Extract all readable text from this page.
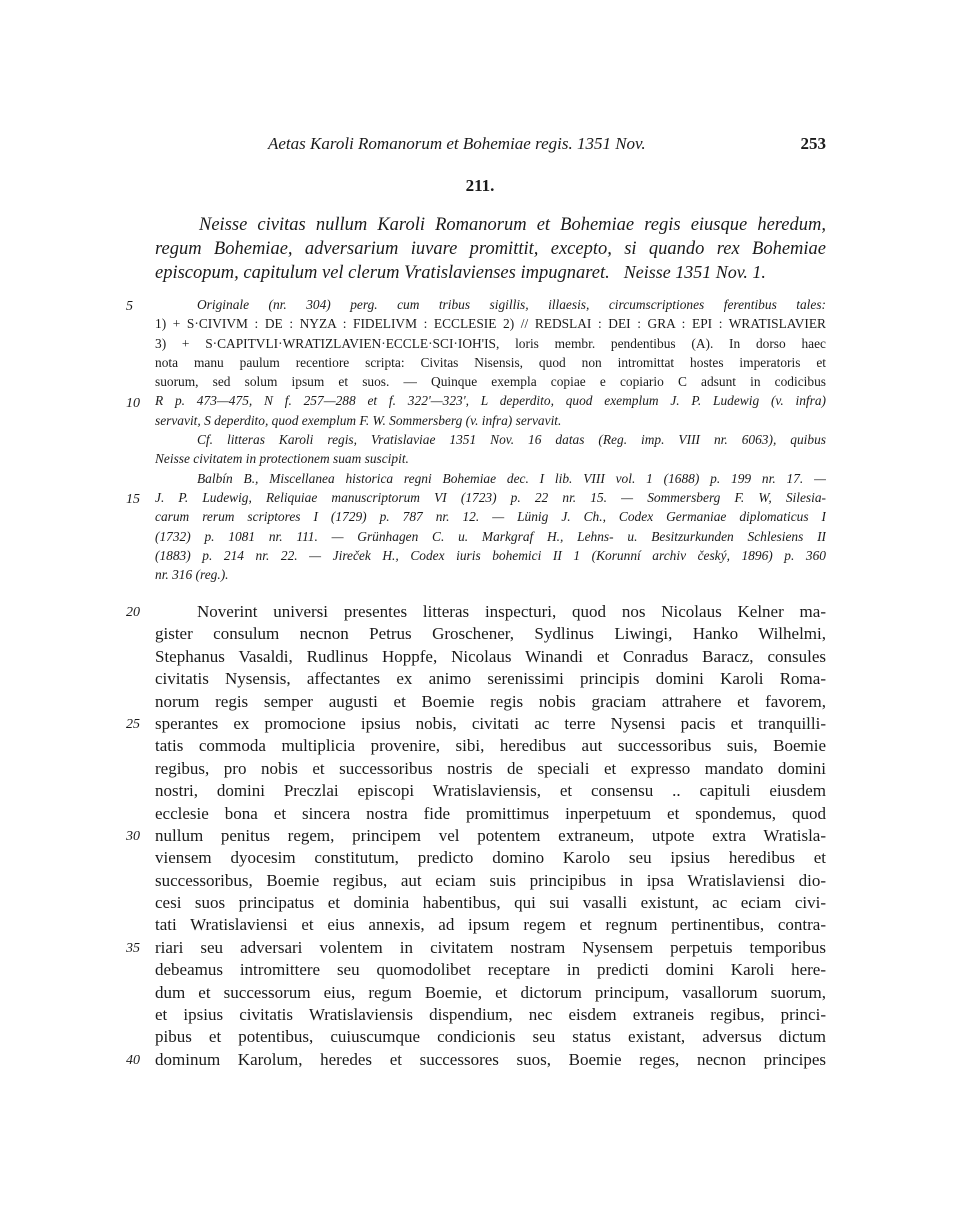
Aetas Karoli Romanorum et Bohemiae regis. 1351 Nov.	253
211.
Neisse civitas nullum Karoli Romanorum et Bohemiae regis eiusque heredum,
regum Bohemiae, adversarium iuvare promittit, excepto, si quando rex Bohemiae
episcopum, capitulum vel clerum Vratislavienses impugnaret. Neisse 1351 Nov. 1.
Originale (nr. 304) perg. cum tribus sigillis, illaesis, circumscriptiones ferentibus tales:
1) + S·CIVIVM : DE : NYZA : FIDELIVM : ECCLESIE 2) // REDSLAI : DEI : GRA : EPI : WRATISLAVIER
3) + S·CAPITVLI·WRATIZLAVIEN·ECCLE·SCI·IOH'IS, loris membr. pendentibus (A). In dorso haec
nota manu paulum recentiore scripta: Civitas Nisensis, quod non intromittat hostes imperatoris et
suorum, sed solum ipsum et suos. — Quinque exempla copiae e copiario C adsunt in codicibus
R p. 473—475, N f. 257—288 et f. 322'—323', L deperdito, quod exemplum J. P. Ludewig (v. infra)
servavit, S deperdito, quod exemplum F. W. Sommersberg (v. infra) servavit.
Cf. litteras Karoli regis, Vratislaviae 1351 Nov. 16 datas (Reg. imp. VIII nr. 6063), quibus
Neisse civitatem in protectionem suam suscipit.
Balbín B., Miscellanea historica regni Bohemiae dec. I lib. VIII vol. 1 (1688) p. 199 nr. 17. —
J. P. Ludewig, Reliquiae manuscriptorum VI (1723) p. 22 nr. 15. — Sommersberg F. W, Silesia-
carum rerum scriptores I (1729) p. 787 nr. 12. — Lünig J. Ch., Codex Germaniae diplomaticus I
(1732) p. 1081 nr. 111. — Grünhagen C. u. Markgraf H., Lehns- u. Besitzurkunden Schlesiens II
(1883) p. 214 nr. 22. — Jireček H., Codex iuris bohemici II 1 (Korunní archiv český, 1896) p. 360
nr. 316 (reg.).
Noverint universi presentes litteras inspecturi, quod nos Nicolaus Kelner ma-
gister consulum necnon Petrus Groschener, Sydlinus Liwingi, Hanko Wilhelmi,
Stephanus Vasaldi, Rudlinus Hoppfe, Nicolaus Winandi et Conradus Baracz, consules
civitatis Nysensis, affectantes ex animo serenissimi principis domini Karoli Roma-
norum regis semper augusti et Boemie regis nobis graciam attrahere et favorem,
sperantes ex promocione ipsius nobis, civitati ac terre Nysensi pacis et tranquilli-
tatis commoda multiplicia provenire, sibi, heredibus aut successoribus suis, Boemie
regibus, pro nobis et successoribus nostris de speciali et expresso mandato domini
nostri, domini Preczlai episcopi Wratislaviensis, et consensu .. capituli eiusdem
ecclesie bona et sincera nostra fide promittimus inperpetuum et spondemus, quod
nullum penitus regem, principem vel potentem extraneum, utpote extra Wratisla-
viensem dyocesim constitutum, predicto domino Karolo seu ipsius heredibus et
successoribus, Boemie regibus, aut eciam suis principibus in ipsa Wratislaviensi dio-
cesi suos principatus et dominia habentibus, qui sui vasalli existunt, ac eciam civi-
tati Wratislaviensi et eius annexis, ad ipsum regem et regnum pertinentibus, contra-
riari seu adversari volentem in civitatem nostram Nysensem perpetuis temporibus
debeamus intromittere seu quomodolibet receptare in predicti domini Karoli here-
dum et successorum eius, regum Boemie, et dictorum principum, vasallorum suorum,
et ipsius civitatis Wratislaviensis dispendium, nec eisdem extraneis regibus, princi-
pibus et potentibus, cuiuscumque condicionis seu status existant, adversus dictum
dominum Karolum, heredes et successores suos, Boemie reges, necnon principes
5
10
15
20
25
30
35
40
